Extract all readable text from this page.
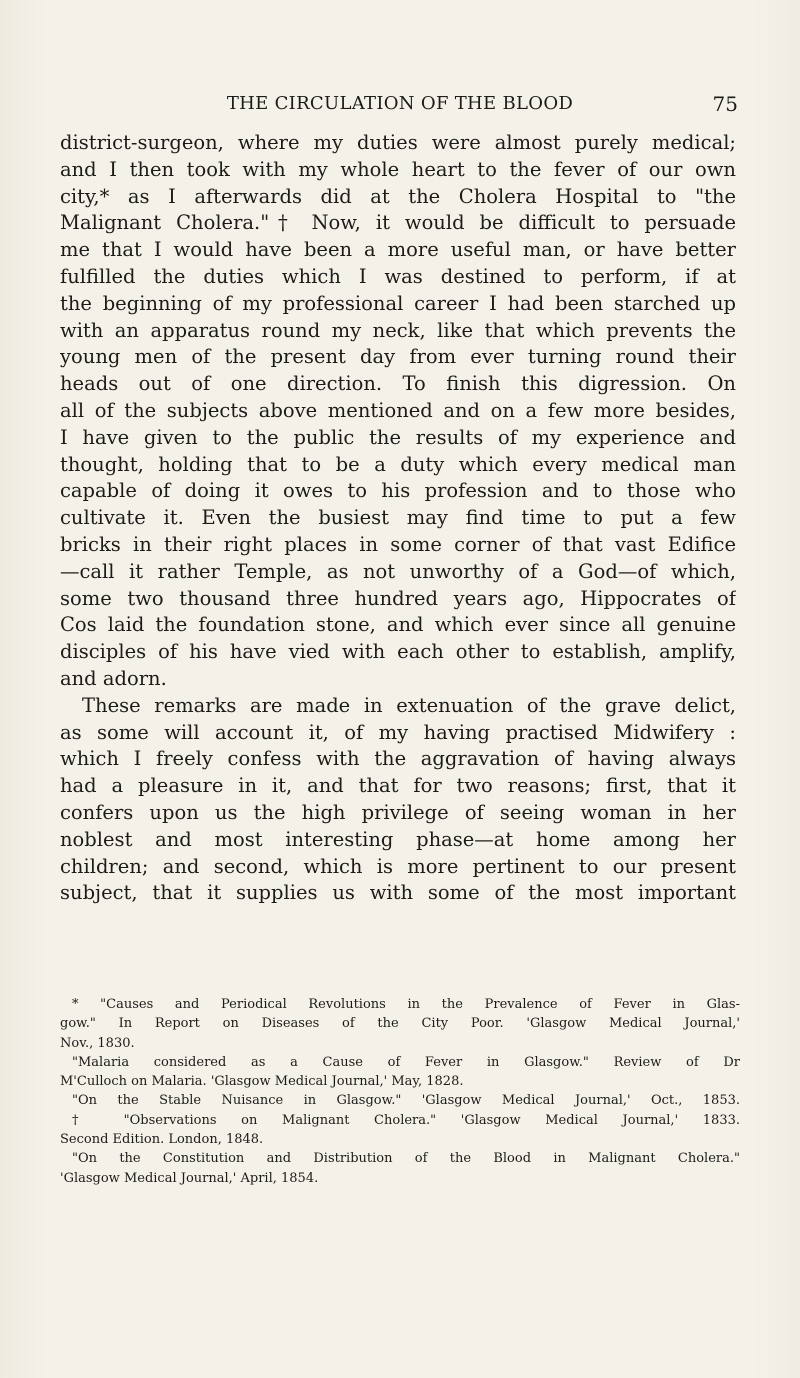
THE CIRCULATION OF THE BLOOD	75
district-surgeon, where my duties were almost purely medical;
and I then took with my whole heart to the fever of our own
city,* as I afterwards did at the Cholera Hospital to "the
Malignant Cholera."† Now, it would be difficult to persuade
me that I would have been a more useful man, or have better
fulfilled the duties which I was destined to perform, if at
the beginning of my professional career I had been starched up
with an apparatus round my neck, like that which prevents the
young men of the present day from ever turning round their
heads out of one direction. To finish this digression. On
all of the subjects above mentioned and on a few more besides,
I have given to the public the results of my experience and
thought, holding that to be a duty which every medical man
capable of doing it owes to his profession and to those who
cultivate it. Even the busiest may find time to put a few
bricks in their right places in some corner of that vast Edifice
—call it rather Temple, as not unworthy of a God—of which,
some two thousand three hundred years ago, Hippocrates of
Cos laid the foundation stone, and which ever since all genuine
disciples of his have vied with each other to establish, amplify,
and adorn.
These remarks are made in extenuation of the grave delict,
as some will account it, of my having practised Midwifery :
which I freely confess with the aggravation of having always
had a pleasure in it, and that for two reasons; first, that it
confers upon us the high privilege of seeing woman in her
noblest and most interesting phase—at home among her
children; and second, which is more pertinent to our present
subject, that it supplies us with some of the most important
* "Causes and Periodical Revolutions in the Prevalence of Fever in Glas-
gow." In Report on Diseases of the City Poor. 'Glasgow Medical Journal,'
Nov., 1830.
"Malaria considered as a Cause of Fever in Glasgow." Review of Dr
M'Culloch on Malaria. 'Glasgow Medical Journal,' May, 1828.
"On the Stable Nuisance in Glasgow." 'Glasgow Medical Journal,' Oct., 1853.
† "Observations on Malignant Cholera." 'Glasgow Medical Journal,' 1833.
Second Edition. London, 1848.
"On the Constitution and Distribution of the Blood in Malignant Cholera."
'Glasgow Medical Journal,' April, 1854.
